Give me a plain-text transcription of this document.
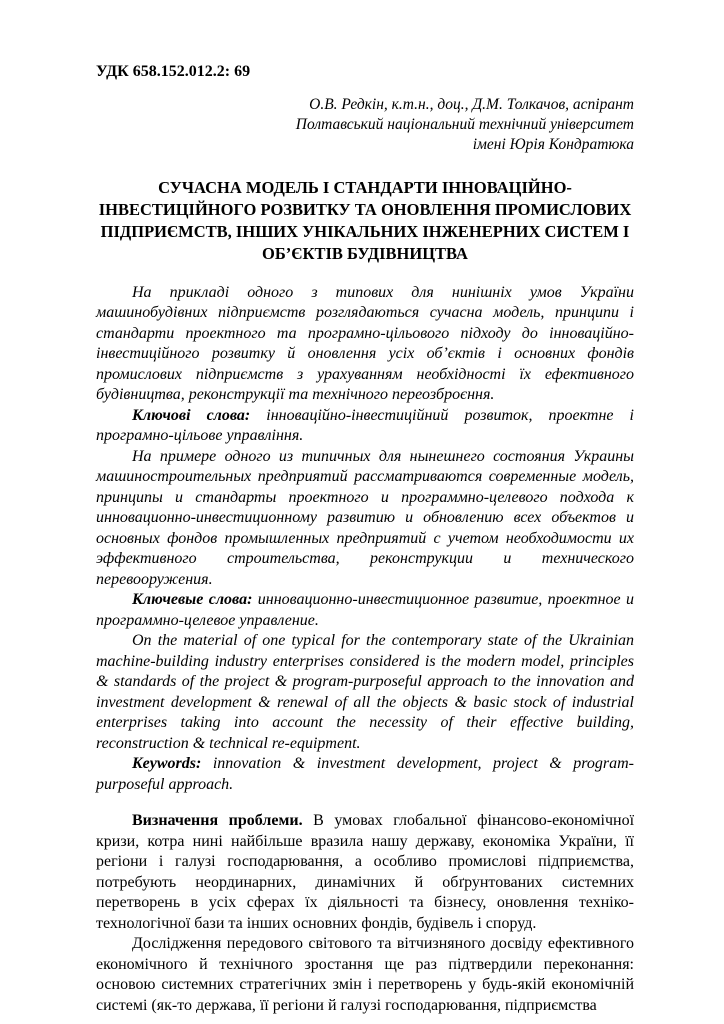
УДК 658.152.012.2: 69

О.В. Редкін, к.т.н., доц., Д.М. Толкачов, аспірант

Полтавський національний технічний університет

імені Юрія Кондратюка

СУЧАСНА МОДЕЛЬ І СТАНДАРТИ ІННОВАЦІЙНО-ІНВЕСТИЦІЙНОГО РОЗВИТКУ ТА ОНОВЛЕННЯ ПРОМИСЛОВИХ ПІДПРИЄМСТВ, ІНШИХ УНІКАЛЬНИХ ІНЖЕНЕРНИХ СИСТЕМ І ОБ’ЄКТІВ БУДІВНИЦТВА

На прикладі одного з типових для нинішніх умов України машинобудівних підприємств розглядаються сучасна модель, принципи і стандарти проектного та програмно-цільового підходу до інноваційно-інвестиційного розвитку й оновлення усіх об’єктів і основних фондів промислових підприємств з урахуванням необхідності їх ефективного будівництва, реконструкції та технічного переозброєння.

Ключові слова: інноваційно-інвестиційний розвиток, проектне і програмно-цільове управління.

На примере одного из типичных для нынешнего состояния Украины машиностроительных предприятий рассматриваются современные модель, принципы и стандарты проектного и программно-целевого подхода к инновационно-инвестиционному развитию и обновлению всех объектов и основных фондов промышленных предприятий с учетом необходимости их эффективного строительства, реконструкции и технического перевооружения.

Ключевые слова: инновационно-инвестиционное развитие, проектное и программно-целевое управление.

On the material of one typical for the contemporary state of the Ukrainian machine-building industry enterprises considered is the modern model, principles & standards of the project & program-purposeful approach to the innovation and investment development & renewal of all the objects & basic stock of industrial enterprises taking into account the necessity of their effective building, reconstruction & technical re-equipment.

Keywords: innovation & investment development, project & program-purposeful approach.

Визначення проблеми. В умовах глобальної фінансово-економічної кризи, котра нині найбільше вразила нашу державу, економіка України, її регіони і галузі господарювання, а особливо промислові підприємства, потребують неординарних, динамічних й обґрунтованих системних перетворень в усіх сферах їх діяльності та бізнесу, оновлення техніко-технологічної бази та інших основних фондів, будівель і споруд.

Дослідження передового світового та вітчизняного досвіду ефективного економічного й технічного зростання ще раз підтвердили переконання: основою системних стратегічних змін і перетворень у будь-якій економічній системі (як-то держава, її регіони й галузі господарювання, підприємства
